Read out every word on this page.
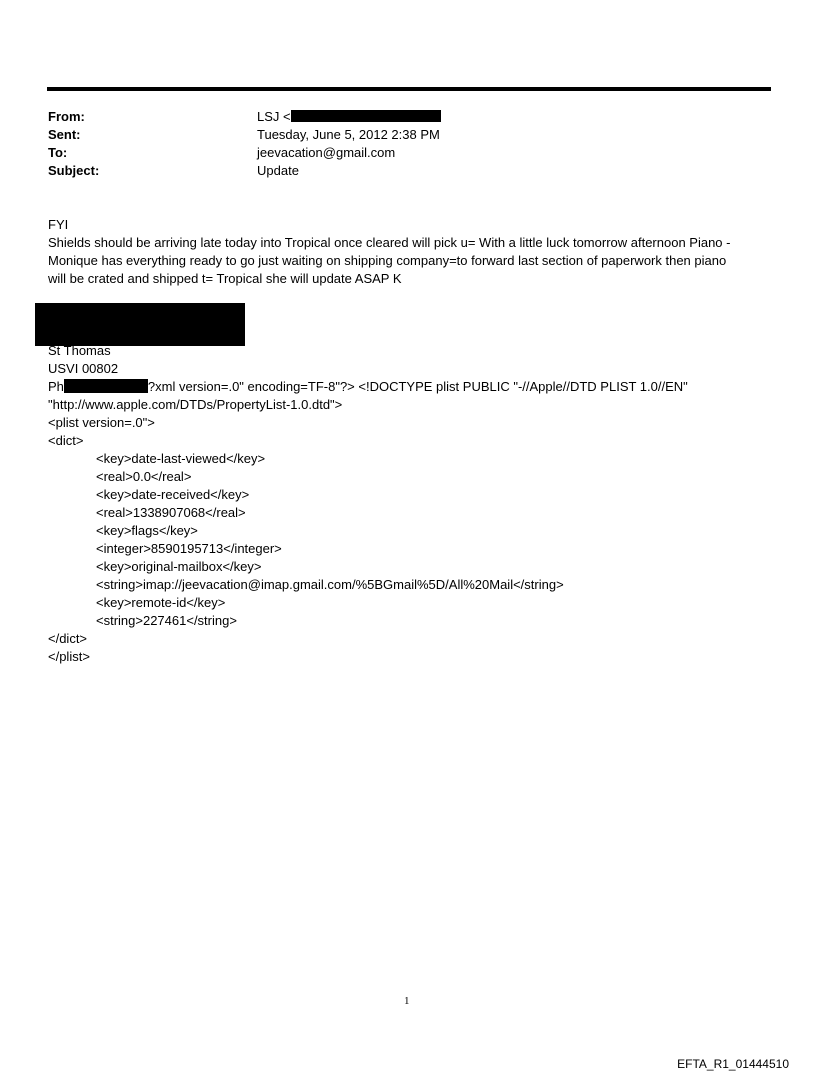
From:	LSJ <
Sent:	Tuesday, June 5, 2012 2:38 PM
To:	jeevacation@gmail.com
Subject:	Update
FYI
Shields should be arriving late today into Tropical once cleared will pick u= With a little luck tomorrow afternoon Piano -
Monique has everything ready to go just waiting on shipping company=to forward last section of paperwork then piano
will be crated and shipped t= Tropical she will update ASAP K
St Thomas
USVI 00802
Ph	?xml version=.0" encoding=TF-8"?> <!DOCTYPE plist PUBLIC "-//Apple//DTD PLIST 1.0//EN"
"http://www.apple.com/DTDs/PropertyList-1.0.dtd">
<plist version=.0">
<dict>
<key>date-last-viewed</key>
<real>0.0</real>
<key>date-received</key>
<real>1338907068</real>
<key>flags</key>
<integer>8590195713</integer>
<key>original-mailbox</key>
<string>imap://jeevacation@imap.gmail.com/%5BGmail%5D/All%20Mail</string>
<key>remote-id</key>
<string>227461</string>
</dict>
</plist>
1
EFTA_R1_01444510
